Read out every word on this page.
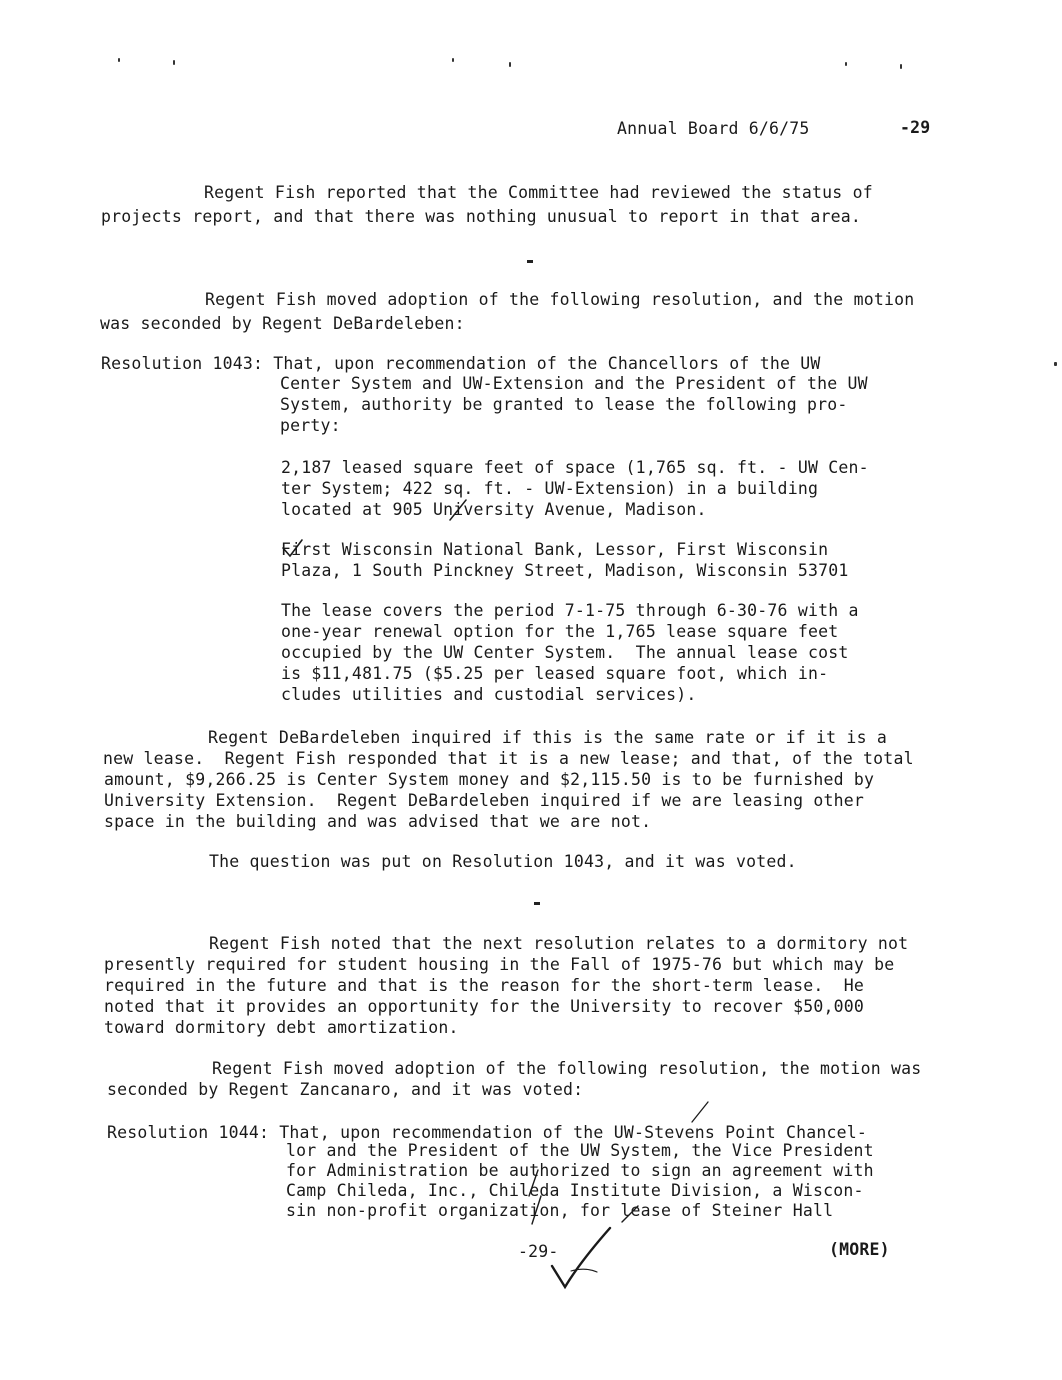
Annual Board 6/6/75	-29

Regent Fish reported that the Committee had reviewed the status of

projects report, and that there was nothing unusual to report in that area.

Regent Fish moved adoption of the following resolution, and the motion

was seconded by Regent DeBardeleben:

Resolution 1043: That, upon recommendation of the Chancellors of the UW

Center System and UW-Extension and the President of the UW

System, authority be granted to lease the following pro-

perty:

2,187 leased square feet of space (1,765 sq. ft. - UW Cen-

ter System; 422 sq. ft. - UW-Extension) in a building

located at 905 University Avenue, Madison.

First Wisconsin National Bank, Lessor, First Wisconsin

Plaza, 1 South Pinckney Street, Madison, Wisconsin 53701

The lease covers the period 7-1-75 through 6-30-76 with a

one-year renewal option for the 1,765 lease square feet

occupied by the UW Center System.  The annual lease cost

is $11,481.75 ($5.25 per leased square foot, which in-

cludes utilities and custodial services).

Regent DeBardeleben inquired if this is the same rate or if it is a

new lease.  Regent Fish responded that it is a new lease; and that, of the total

amount, $9,266.25 is Center System money and $2,115.50 is to be furnished by

University Extension.  Regent DeBardeleben inquired if we are leasing other

space in the building and was advised that we are not.

The question was put on Resolution 1043, and it was voted.

Regent Fish noted that the next resolution relates to a dormitory not

presently required for student housing in the Fall of 1975-76 but which may be

required in the future and that is the reason for the short-term lease.  He

noted that it provides an opportunity for the University to recover $50,000

toward dormitory debt amortization.

Regent Fish moved adoption of the following resolution, the motion was

seconded by Regent Zancanaro, and it was voted:

Resolution 1044: That, upon recommendation of the UW-Stevens Point Chancel-

lor and the President of the UW System, the Vice President

for Administration be authorized to sign an agreement with

Camp Chileda, Inc., Chileda Institute Division, a Wiscon-

sin non-profit organization, for lease of Steiner Hall

-29-	(MORE)
